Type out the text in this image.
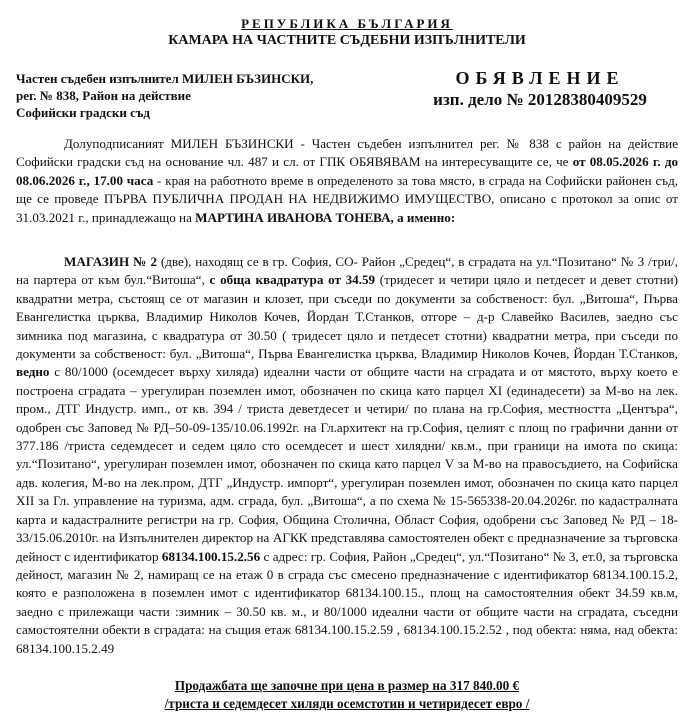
РЕПУБЛИКА БЪЛГАРИЯ
КАМАРА НА ЧАСТНИТЕ СЪДЕБНИ ИЗПЪЛНИТЕЛИ
Частен съдебен изпълнител МИЛЕН БЪЗИНСКИ,
рег. № 838, Район на действие
Софийски градски съд
ОБЯВЛЕНИЕ
изп. дело № 20128380409529
Долуподписаният МИЛЕН БЪЗИНСКИ - Частен съдебен изпълнител рег. № 838 с район на действие Софийски градски съд на основание чл. 487 и сл. от ГПК ОБЯВЯВАМ на интересуващите се, че от 08.05.2026 г. до 08.06.2026 г., 17.00 часа - края на работното време в определеното за това място, в сграда на Софийски районен съд, ще се проведе ПЪРВА ПУБЛИЧНА ПРОДАН НА НЕДВИЖИМО ИМУЩЕСТВО, описано с протокол за опис от 31.03.2021 г., принадлежащо на МАРТИНА ИВАНОВА ТОНЕВА, а именно:
МАГАЗИН № 2 (две), находящ се в гр. София, СО- Район „Средец“, в сградата на ул.“Позитано“ № 3 /три/, на партера от към бул.“Витоша“, с обща квадратура от 34.59 (тридесет и четири цяло и петдесет и девет стотни) квадратни метра, състоящ се от магазин и клозет, при съседи по документи за собственост: бул. „Витоша“, Първа Евангелистка църква, Владимир Николов Кочев, Йордан Т.Станков, отгоре – д-р Славейко Василев, заедно със зимника под магазина, с квадратура от 30.50 ( тридесет цяло и петдесет стотни) квадратни метра, при съседи по документи за собственост: бул. „Витоша“, Първа Евангелистка църква, Владимир Николов Кочев, Йордан Т.Станков, ведно с 80/1000 (осемдесет върху хиляда) идеални части от общите части на сградата и от мястото, върху което е построена сградата – урегулиран поземлен имот, обозначен по скица като парцел XI (единадесети) за М-во на лек. пром., ДТГ Индустр. имп., от кв. 394 / триста деветдесет и четири/ по плана на гр.София, местността „Центъра“, одобрен със Заповед № РД–50-09-135/10.06.1992г. на Гл.архитект на гр.София, целият с площ по графични данни от 377.186 /триста седемдесет и седем цяло сто осемдесет и шест хилядни/ кв.м., при граници на имота по скица: ул.“Позитано“, урегулиран поземлен имот, обозначен по скица като парцел V за М-во на правосъдието, на Софийска адв. колегия, М-во на лек.пром, ДТГ „Индустр. импорт“, урегулиран поземлен имот, обозначен по скица като парцел XII за Гл. управление на туризма, адм. сграда, бул. „Витоша“, а по схема № 15-565338-20.04.2026г. по кадастралната карта и кадастралните регистри на гр. София, Община Столична, Област София, одобрени със Заповед № РД – 18-33/15.06.2010г. на Изпълнителен директор на АГКК представлява самостоятелен обект с предназначение за търговска дейност с идентификатор 68134.100.15.2.56 с адрес: гр. София, Район „Средец“, ул.“Позитано“ № 3, ет.0, за търговска дейност, магазин № 2, намиращ се на етаж 0 в сграда със смесено предназначение с идентификатор 68134.100.15.2, която е разположена в поземлен имот с идентификатор 68134.100.15., площ на самостоятелния обект 34.59 кв.м, заедно с прилежащи части :зимник – 30.50 кв. м., и 80/1000 идеални части от общите части на сградата, съседни самостоятелни обекти в сградата: на същия етаж 68134.100.15.2.59 , 68134.100.15.2.52 , под обекта: няма, над обекта: 68134.100.15.2.49
Продажбата ще започне при цена в размер на 317 840.00 €
/триста и седемдесет хиляди осемстотин и четиридесет евро /
